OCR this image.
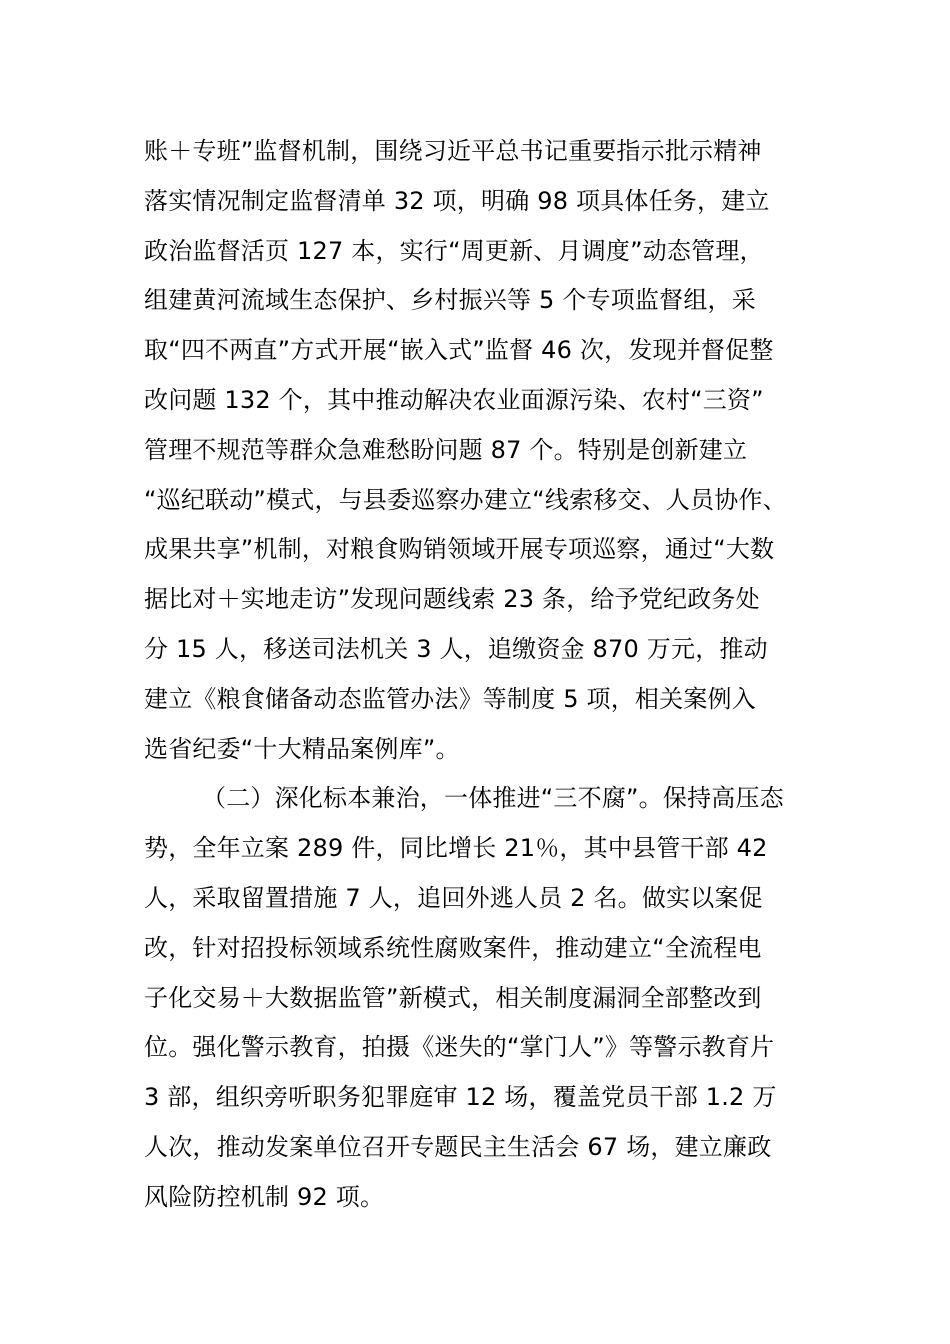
账＋专班”监督机制，围绕习近平总书记重要指示批示精神
落实情况制定监督清单 32 项，明确 98 项具体任务，建立
政治监督活页 127 本，实行“周更新、月调度”动态管理，
组建黄河流域生态保护、乡村振兴等 5 个专项监督组，采
取“四不两直”方式开展“嵌入式”监督 46 次，发现并督促整
改问题 132 个，其中推动解决农业面源污染、农村“三资”
管理不规范等群众急难愁盼问题 87 个。特别是创新建立
“巡纪联动”模式，与县委巡察办建立“线索移交、人员协作、
成果共享”机制，对粮食购销领域开展专项巡察，通过“大数
据比对＋实地走访”发现问题线索 23 条，给予党纪政务处
分 15 人，移送司法机关 3 人，追缴资金 870 万元，推动
建立《粮食储备动态监管办法》等制度 5 项，相关案例入
选省纪委“十大精品案例库”。
（二）深化标本兼治，一体推进“三不腐”。保持高压态
势，全年立案 289 件，同比增长 21％，其中县管干部 42
人，采取留置措施 7 人，追回外逃人员 2 名。做实以案促
改，针对招投标领域系统性腐败案件，推动建立“全流程电
子化交易＋大数据监管”新模式，相关制度漏洞全部整改到
位。强化警示教育，拍摄《迷失的“掌门人”》等警示教育片
3 部，组织旁听职务犯罪庭审 12 场，覆盖党员干部 1.2 万
人次，推动发案单位召开专题民主生活会 67 场，建立廉政
风险防控机制 92 项。
